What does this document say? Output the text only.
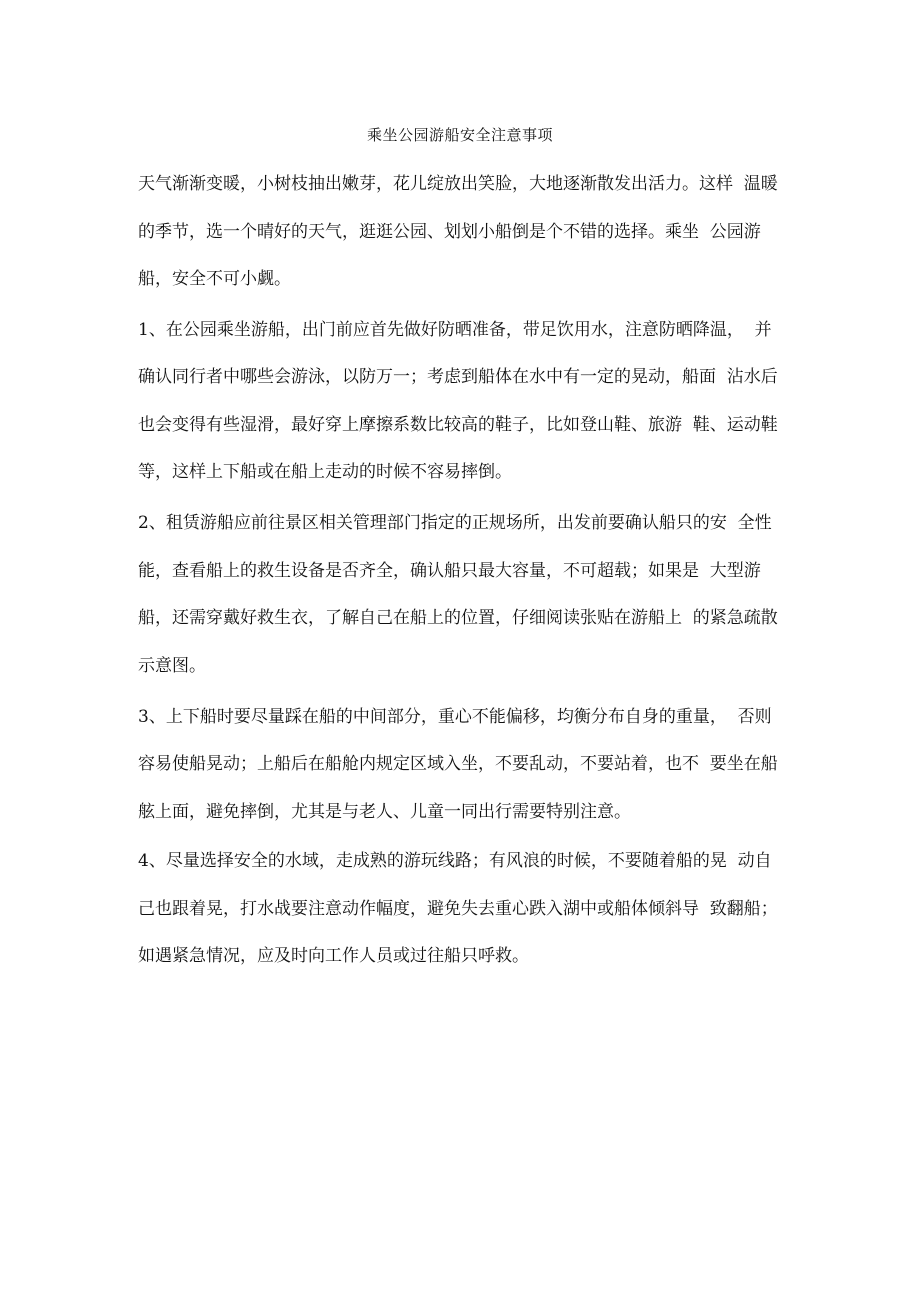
乘坐公园游船安全注意事项
天气渐渐变暖，小树枝抽出嫩芽，花儿绽放出笑脸，大地逐渐散发出活力。这样  温暖
的季节，选一个晴好的天气，逛逛公园、划划小船倒是个不错的选择。乘坐  公园游
船，安全不可小觑。
1、在公园乘坐游船，出门前应首先做好防晒准备，带足饮用水，注意防晒降温，  并
确认同行者中哪些会游泳，以防万一；考虑到船体在水中有一定的晃动，船面  沾水后
也会变得有些湿滑，最好穿上摩擦系数比较高的鞋子，比如登山鞋、旅游  鞋、运动鞋
等，这样上下船或在船上走动的时候不容易摔倒。
2、租赁游船应前往景区相关管理部门指定的正规场所，出发前要确认船只的安  全性
能，查看船上的救生设备是否齐全，确认船只最大容量，不可超载；如果是  大型游
船，还需穿戴好救生衣，了解自己在船上的位置，仔细阅读张贴在游船上  的紧急疏散
示意图。
3、上下船时要尽量踩在船的中间部分，重心不能偏移，均衡分布自身的重量，  否则
容易使船晃动；上船后在船舱内规定区域入坐，不要乱动，不要站着，也不  要坐在船
舷上面，避免摔倒，尤其是与老人、儿童一同出行需要特别注意。
4、尽量选择安全的水域，走成熟的游玩线路；有风浪的时候，不要随着船的晃  动自
己也跟着晃，打水战要注意动作幅度，避免失去重心跌入湖中或船体倾斜导  致翻船；
如遇紧急情况，应及时向工作人员或过往船只呼救。
